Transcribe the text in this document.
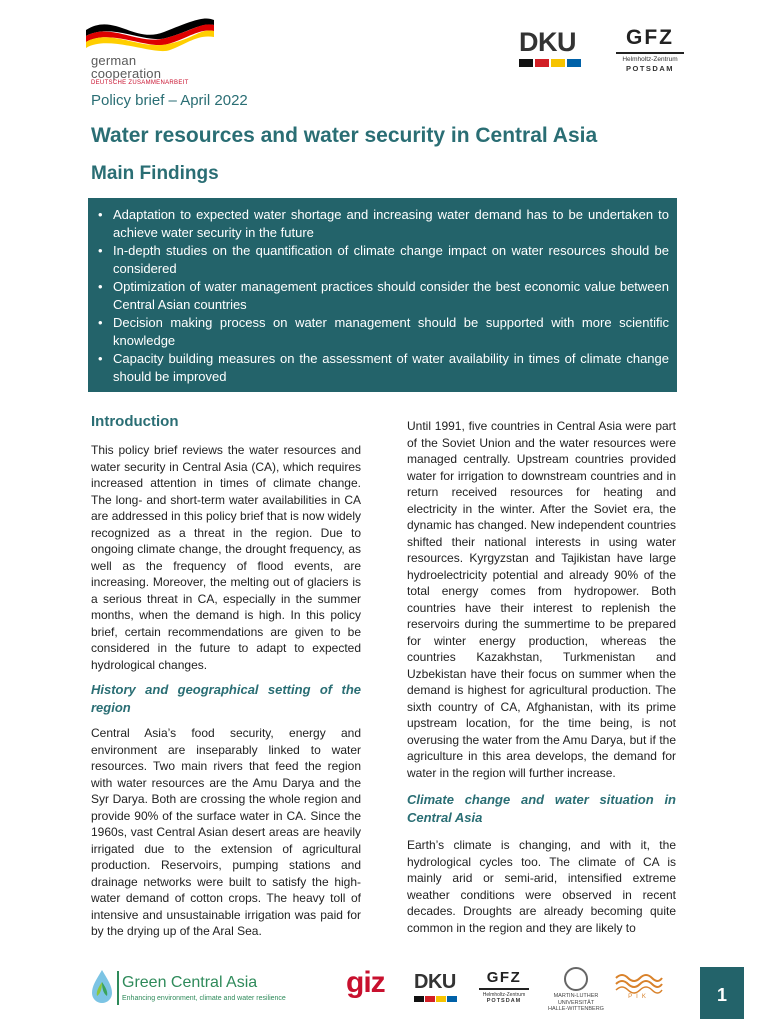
german
cooperation
DEUTSCHE ZUSAMMENARBEIT
DKU	GFZ
Helmholtz-Zentrum
POTSDAM
Policy brief – April 2022
Water resources and water security in Central Asia
Main Findings
• Adaptation to expected water shortage and increasing water demand has to be undertaken to achieve water security in the future
• In-depth studies on the quantification of climate change impact on water resources should be considered
• Optimization of water management practices should consider the best economic value between Central Asian countries
• Decision making process on water management should be supported with more scientific knowledge
• Capacity building measures on the assessment of water availability in times of climate change should be improved
Introduction

This policy brief reviews the water resources and water security in Central Asia (CA), which requires increased attention in times of climate change. The long- and short-term water availabilities in CA are addressed in this policy brief that is now widely recognized as a threat in the region. Due to ongoing climate change, the drought frequency, as well as the frequency of flood events, are increasing. Moreover, the melting out of glaciers is a serious threat in CA, especially in the summer months, when the demand is high. In this policy brief, certain recommendations are given to be considered in the future to adapt to expected hydrological changes.

History and geographical setting of the region

Central Asia’s food security, energy and environment are inseparably linked to water resources. Two main rivers that feed the region with water resources are the Amu Darya and the Syr Darya. Both are crossing the whole region and provide 90% of the surface water in CA. Since the 1960s, vast Central Asian desert areas are heavily irrigated due to the extension of agricultural production. Reservoirs, pumping stations and drainage networks were built to satisfy the high-water demand of cotton crops. The heavy toll of intensive and unsustainable irrigation was paid for by the drying up of the Aral Sea.

Until 1991, five countries in Central Asia were part of the Soviet Union and the water resources were managed centrally. Upstream countries provided water for irrigation to downstream countries and in return received resources for heating and electricity in the winter. After the Soviet era, the dynamic has changed. New independent countries shifted their national interests in using water resources. Kyrgyzstan and Tajikistan have large hydroelectricity potential and already 90% of the total energy comes from hydropower. Both countries have their interest to replenish the reservoirs during the summertime to be prepared for winter energy production, whereas the countries Kazakhstan, Turkmenistan and Uzbekistan have their focus on summer when the demand is highest for agricultural production. The sixth country of CA, Afghanistan, with its prime upstream location, for the time being, is not overusing the water from the Amu Darya, but if the agriculture in this area develops, the demand for water in the region will further increase.

Climate change and water situation in Central Asia

Earth’s climate is changing, and with it, the hydrological cycles too. The climate of CA is mainly arid or semi-arid, intensified extreme weather conditions were observed in recent decades. Droughts are already becoming quite common in the region and they are likely to

Green Central Asia
Enhancing environment, climate and water resilience giz DKU	GFZ
Helmholtz-Zentrum
POTSDAM
MARTIN-LUTHER
UNIVERSITÄT
HALLE-WITTENBERG
PIK	1
